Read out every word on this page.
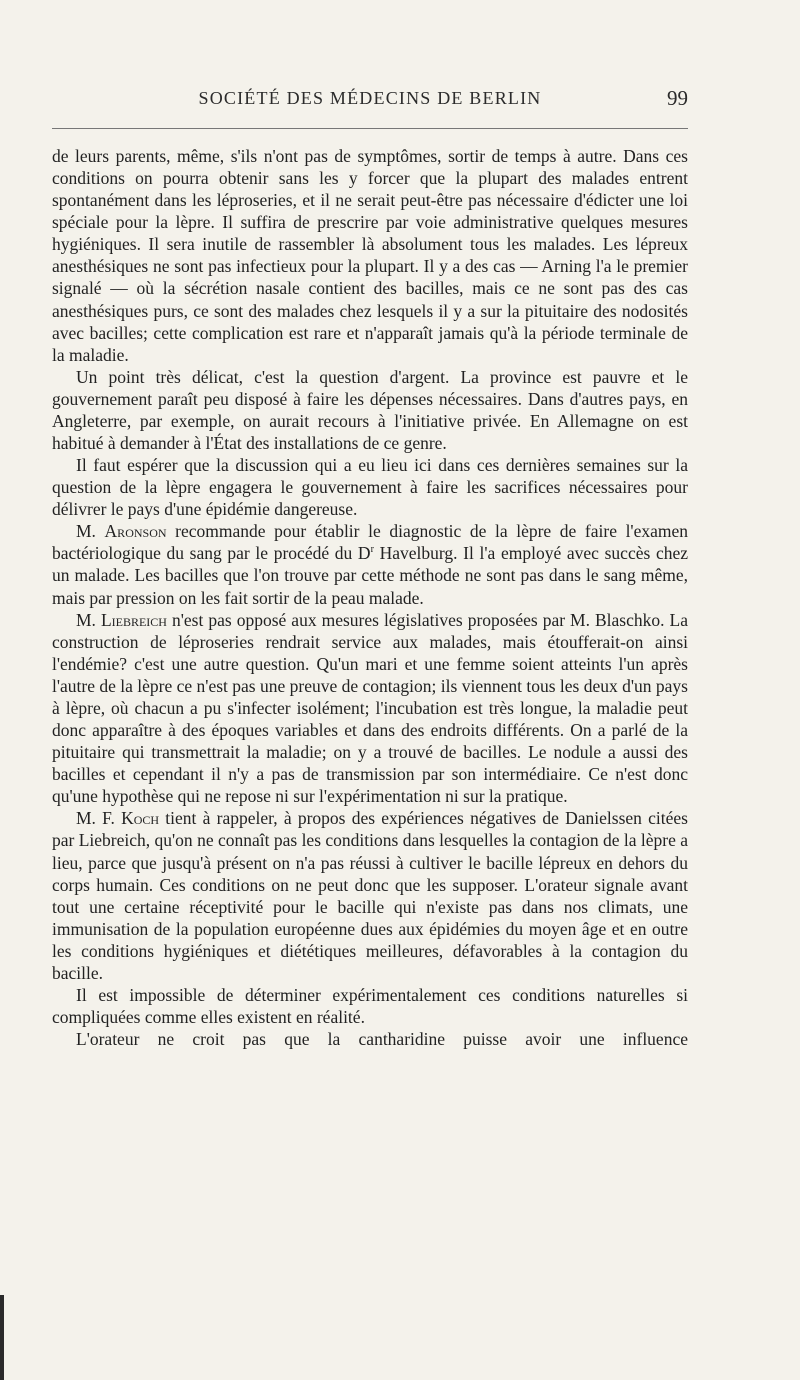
SOCIÉTÉ DES MÉDECINS DE BERLIN	99

de leurs parents, même, s'ils n'ont pas de symptômes, sortir de temps à autre. Dans ces conditions on pourra obtenir sans les y forcer que la plupart des malades entrent spontanément dans les léproseries, et il ne serait peut-être pas nécessaire d'édicter une loi spéciale pour la lèpre. Il suffira de prescrire par voie administrative quelques mesures hygiéniques. Il sera inutile de rassembler là absolument tous les malades. Les lépreux anesthésiques ne sont pas infectieux pour la plupart. Il y a des cas — Arning l'a le premier signalé — où la sécrétion nasale contient des bacilles, mais ce ne sont pas des cas anesthésiques purs, ce sont des malades chez lesquels il y a sur la pituitaire des nodosités avec bacilles; cette complication est rare et n'apparaît jamais qu'à la période terminale de la maladie.

Un point très délicat, c'est la question d'argent. La province est pauvre et le gouvernement paraît peu disposé à faire les dépenses nécessaires. Dans d'autres pays, en Angleterre, par exemple, on aurait recours à l'initiative privée. En Allemagne on est habitué à demander à l'État des installations de ce genre.

Il faut espérer que la discussion qui a eu lieu ici dans ces dernières semaines sur la question de la lèpre engagera le gouvernement à faire les sacrifices nécessaires pour délivrer le pays d'une épidémie dangereuse.

M. Aronson recommande pour établir le diagnostic de la lèpre de faire l'examen bactériologique du sang par le procédé du $D^r$ Havelburg. Il l'a employé avec succès chez un malade. Les bacilles que l'on trouve par cette méthode ne sont pas dans le sang même, mais par pression on les fait sortir de la peau malade.

M. Liebreich n'est pas opposé aux mesures législatives proposées par M. Blaschko. La construction de léproseries rendrait service aux malades, mais étoufferait-on ainsi l'endémie? c'est une autre question. Qu'un mari et une femme soient atteints l'un après l'autre de la lèpre ce n'est pas une preuve de contagion; ils viennent tous les deux d'un pays à lèpre, où chacun a pu s'infecter isolément; l'incubation est très longue, la maladie peut donc apparaître à des époques variables et dans des endroits différents. On a parlé de la pituitaire qui transmettrait la maladie; on y a trouvé de bacilles. Le nodule a aussi des bacilles et cependant il n'y a pas de transmission par son intermédiaire. Ce n'est donc qu'une hypothèse qui ne repose ni sur l'expérimentation ni sur la pratique.

M. F. Koch tient à rappeler, à propos des expériences négatives de Danielssen citées par Liebreich, qu'on ne connaît pas les conditions dans lesquelles la contagion de la lèpre a lieu, parce que jusqu'à présent on n'a pas réussi à cultiver le bacille lépreux en dehors du corps humain. Ces conditions on ne peut donc que les supposer. L'orateur signale avant tout une certaine réceptivité pour le bacille qui n'existe pas dans nos climats, une immunisation de la population européenne dues aux épidémies du moyen âge et en outre les conditions hygiéniques et diététiques meilleures, défavorables à la contagion du bacille.

Il est impossible de déterminer expérimentalement ces conditions naturelles si compliquées comme elles existent en réalité.

L'orateur ne croit pas que la cantharidine puisse avoir une influence
